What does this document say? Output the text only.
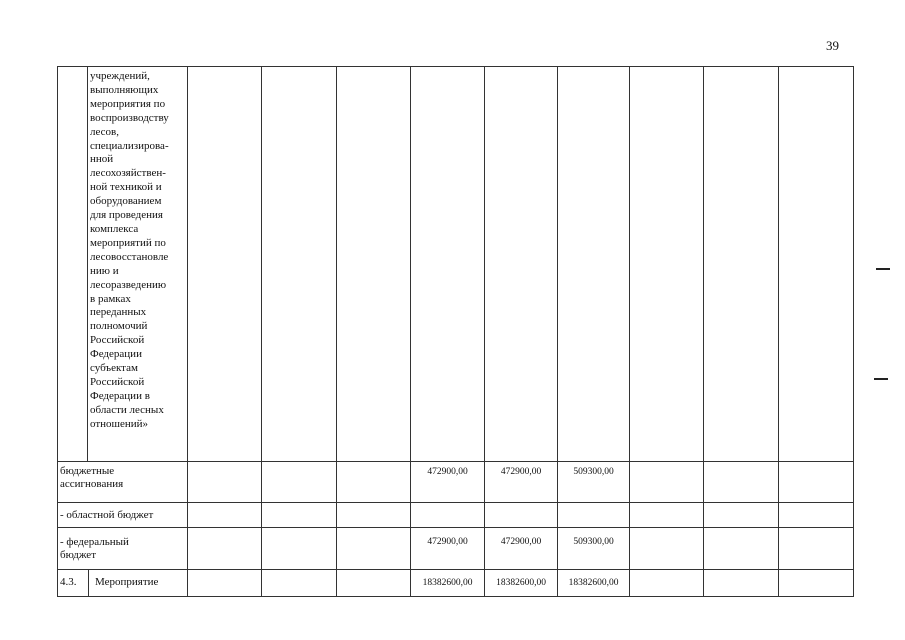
39
учреждений,
выполняющих
мероприятия по
воспроизводству
лесов,
специализирова-
нной
лесохозяйствен-
ной техникой и
оборудованием
для проведения
комплекса
мероприятий по
лесовосстановле
нию и
лесоразведению
в рамках
переданных
полномочий
Российской
Федерации
субъектам
Российской
Федерации в
области лесных
отношений»
бюджетные
ассигнования
472900,00	472900,00	509300,00
- областной бюджет
- федеральный
бюджет
472900,00	472900,00	509300,00
4.3.	Мероприятие	18382600,00	18382600,00	18382600,00
